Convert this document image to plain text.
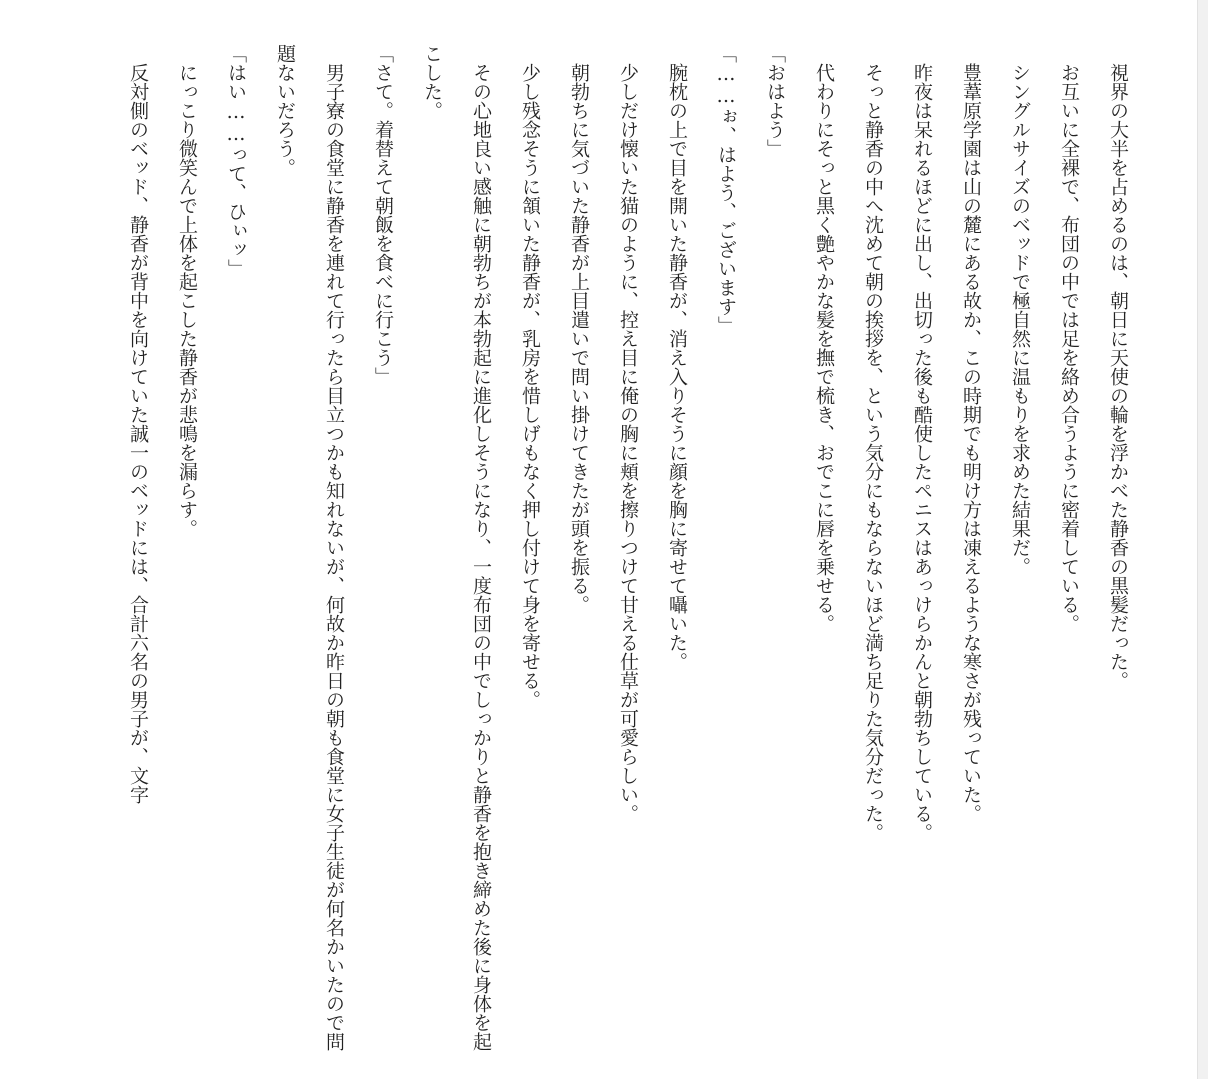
　視界の大半を占めるのは、朝日に天使の輪を浮かべた静香の黒髪だった。

　お互いに全裸で、布団の中では足を絡め合うように密着している。

　シングルサイズのベッドで極自然に温もりを求めた結果だ。

　豊葦原学園は山の麓にある故か、この時期でも明け方は凍えるような寒さが残っていた。

　昨夜は呆れるほどに出し、出切った後も酷使したペニスはあっけらかんと朝勃ちしている。

　そっと静香の中へ沈めて朝の挨拶を、という気分にもならないほど満ち足りた気分だった。

　代わりにそっと黒く艶やかな髪を撫で梳き、おでこに唇を乗せる。

「おはよう」

「……ぉ、はよう、ございます」

　腕枕の上で目を開いた静香が、消え入りそうに顔を胸に寄せて囁いた。

　少しだけ懐いた猫のように、控え目に俺の胸に頬を擦りつけて甘える仕草が可愛らしい。

　朝勃ちに気づいた静香が上目遣いで問い掛けてきたが頭を振る。

　少し残念そうに頷いた静香が、乳房を惜しげもなく押し付けて身を寄せる。

　その心地良い感触に朝勃ちが本勃起に進化しそうになり、一度布団の中でしっかりと静香を抱き締めた後に身体を起こした。

「さて。着替えて朝飯を食べに行こう」

　男子寮の食堂に静香を連れて行ったら目立つかも知れないが、何故か昨日の朝も食堂に女子生徒が何名かいたので問題ないだろう。

「はい……って、ひぃッ」

　にっこり微笑んで上体を起こした静香が悲鳴を漏らす。

　反対側のベッド、静香が背中を向けていた誠一のベッドには、合計六名の男子が、文字
